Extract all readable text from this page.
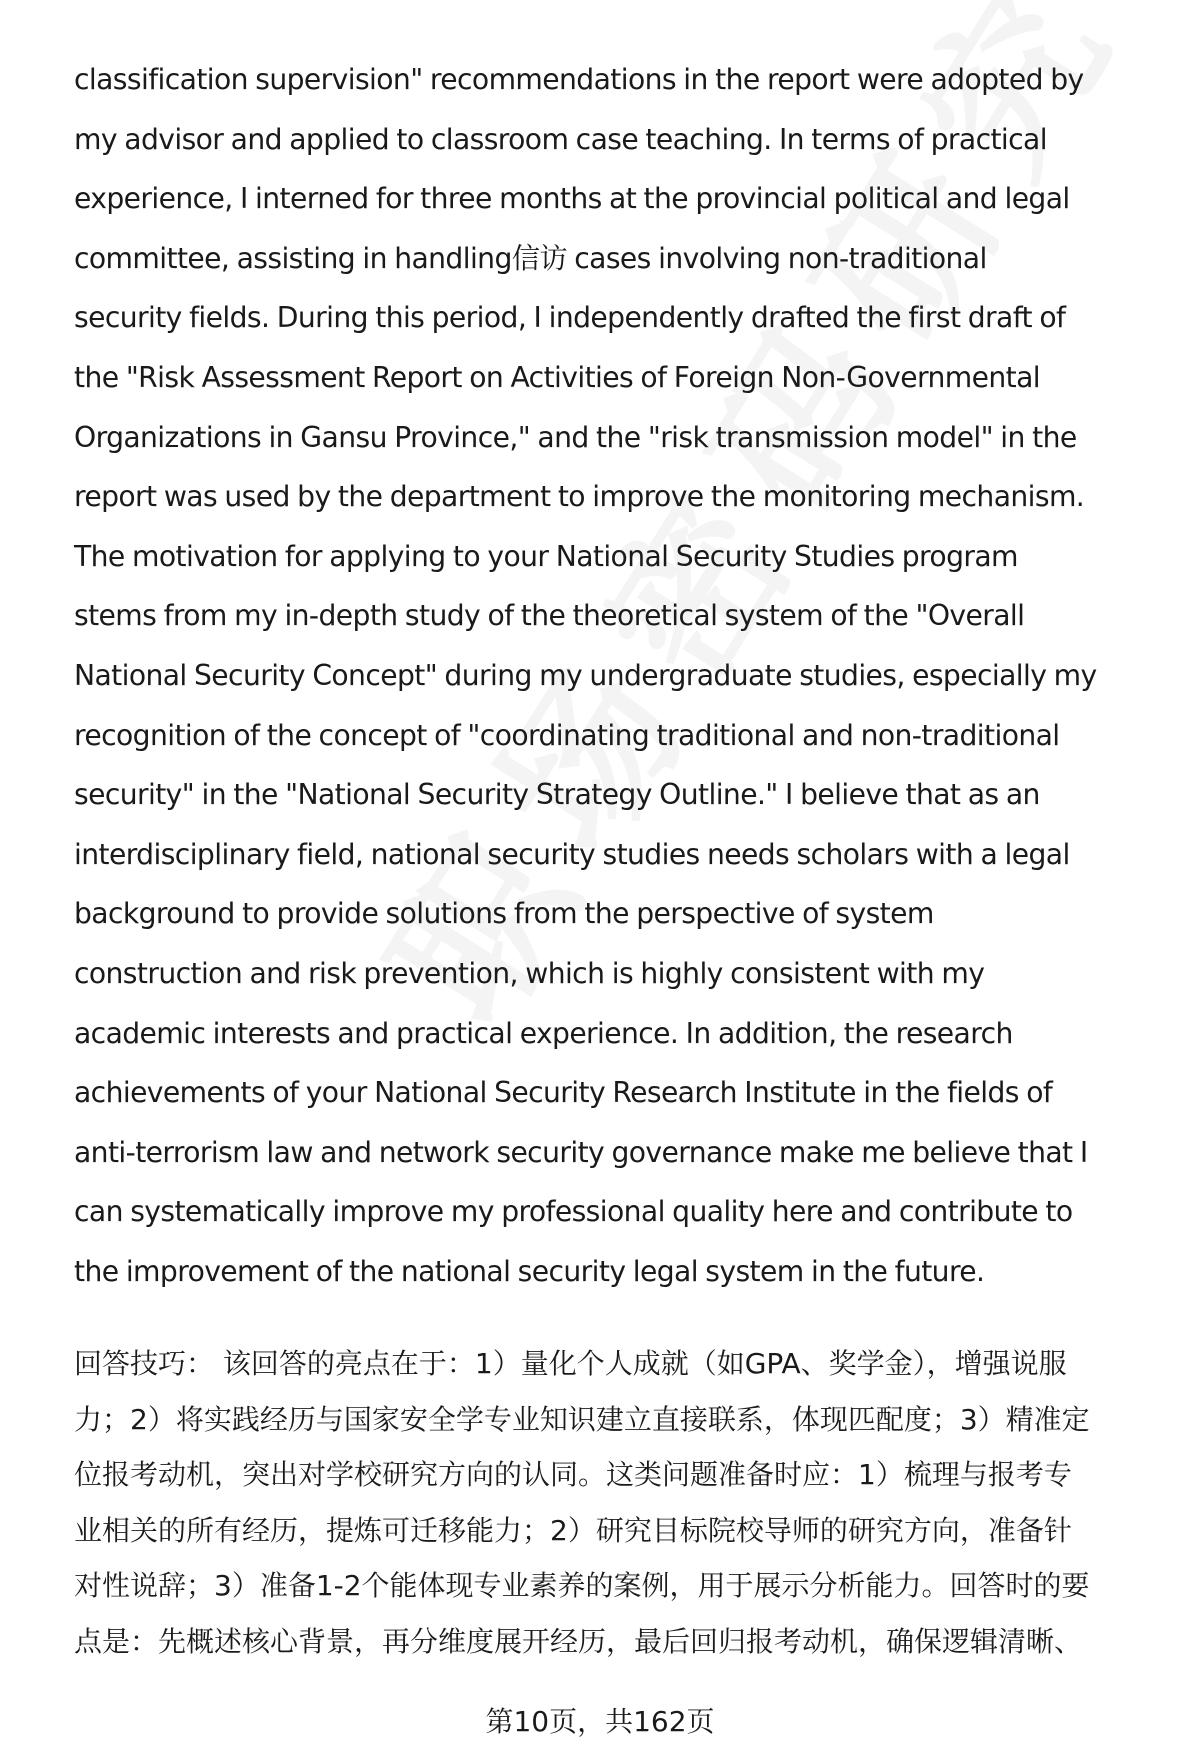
classification supervision" recommendations in the report were adopted by
my advisor and applied to classroom case teaching. In terms of practical
experience, I interned for three months at the provincial political and legal
committee, assisting in handling信访 cases involving non-traditional
security fields. During this period, I independently drafted the first draft of
the "Risk Assessment Report on Activities of Foreign Non-Governmental
Organizations in Gansu Province," and the "risk transmission model" in the
report was used by the department to improve the monitoring mechanism.
The motivation for applying to your National Security Studies program
stems from my in-depth study of the theoretical system of the "Overall
National Security Concept" during my undergraduate studies, especially my
recognition of the concept of "coordinating traditional and non-traditional
security" in the "National Security Strategy Outline." I believe that as an
interdisciplinary field, national security studies needs scholars with a legal
background to provide solutions from the perspective of system
construction and risk prevention, which is highly consistent with my
academic interests and practical experience. In addition, the research
achievements of your National Security Research Institute in the fields of
anti-terrorism law and network security governance make me believe that I
can systematically improve my professional quality here and contribute to
the improvement of the national security legal system in the future.
回答技巧： 该回答的亮点在于：1）量化个人成就（如GPA、奖学金），增强说服
力；2）将实践经历与国家安全学专业知识建立直接联系，体现匹配度；3）精准定
位报考动机，突出对学校研究方向的认同。这类问题准备时应：1）梳理与报考专
业相关的所有经历，提炼可迁移能力；2）研究目标院校导师的研究方向，准备针
对性说辞；3）准备1-2个能体现专业素养的案例，用于展示分析能力。回答时的要
点是：先概述核心背景，再分维度展开经历，最后回归报考动机，确保逻辑清晰、
第10页，共162页
